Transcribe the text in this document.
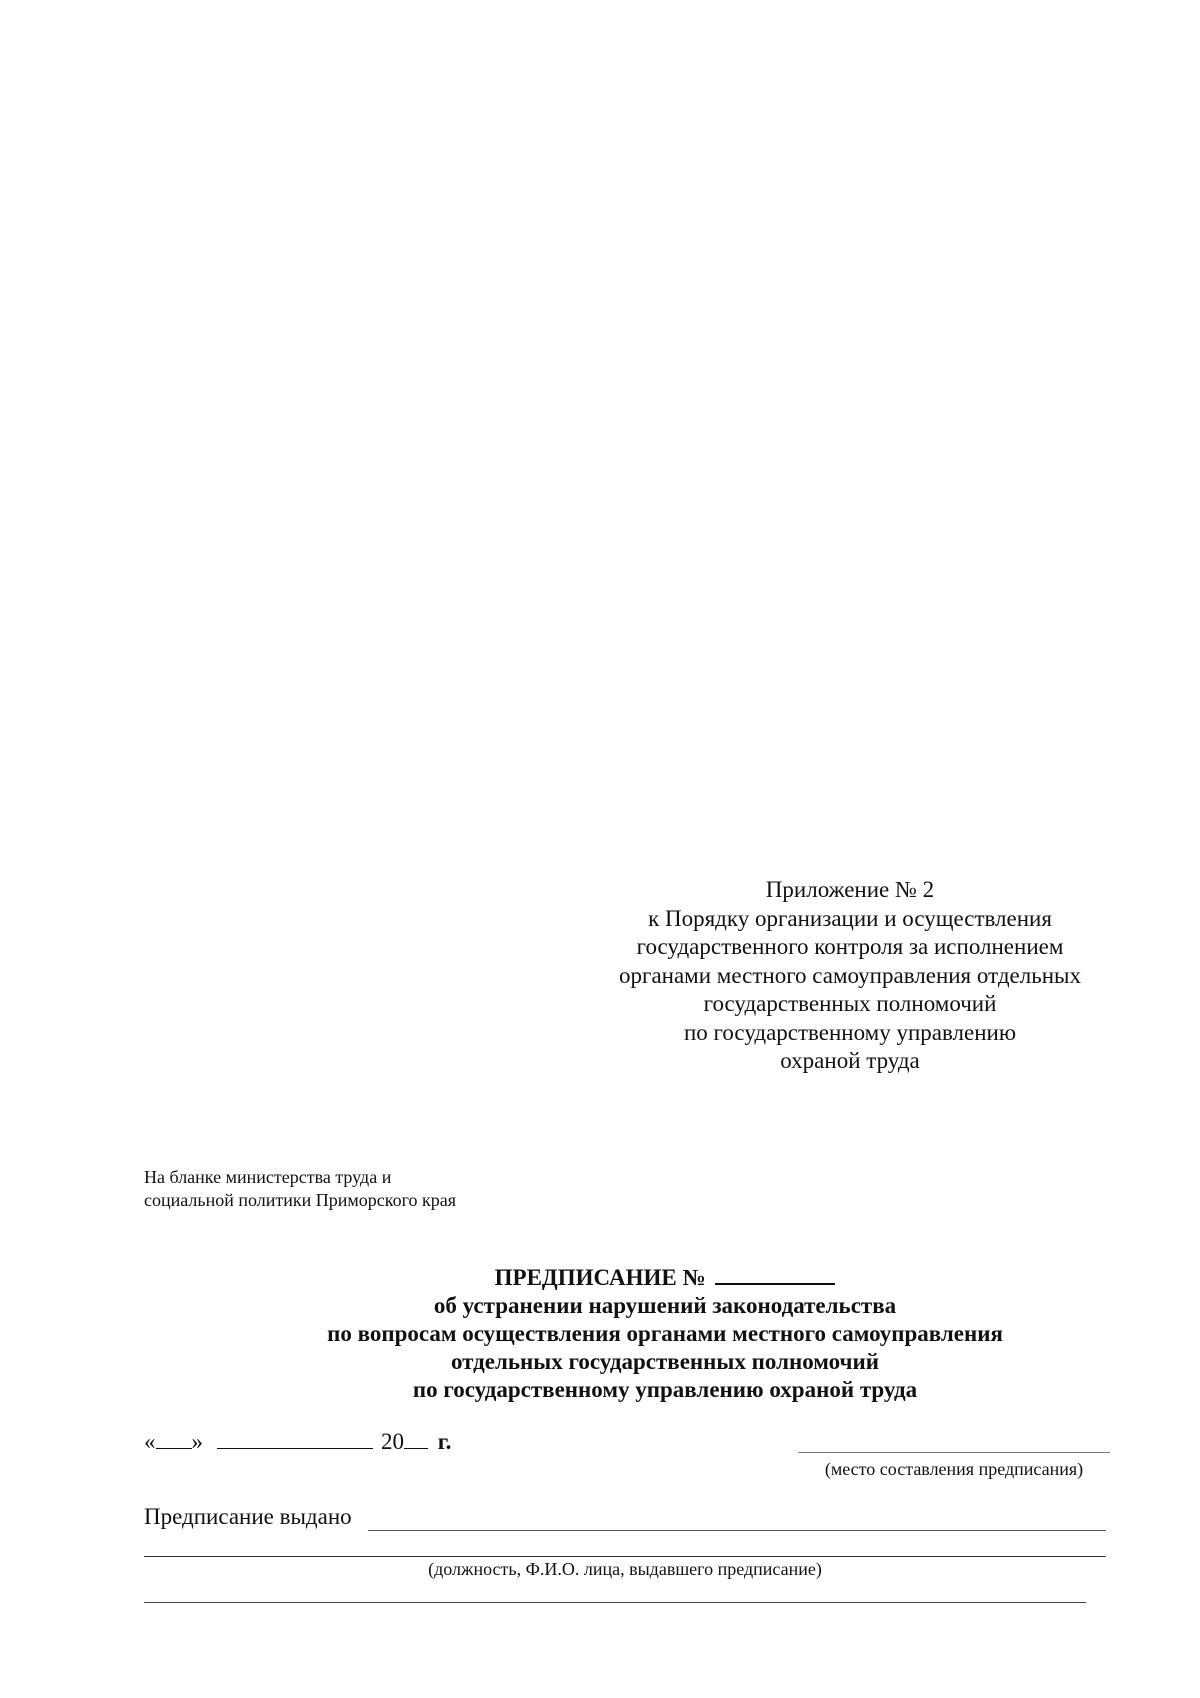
Приложение № 2
к Порядку организации и осуществления
государственного контроля за исполнением
органами местного самоуправления отдельных
государственных полномочий
по государственному управлению
охраной труда
На бланке министерства труда и
социальной политики Приморского края
ПРЕДПИСАНИЕ №
об устранении нарушений законодательства
по вопросам осуществления органами местного самоуправления
отдельных государственных полномочий
по государственному управлению охраной труда
« »	20 г.
(место составления предписания)
Предписание выдано
(должность, Ф.И.О. лица, выдавшего предписание)
